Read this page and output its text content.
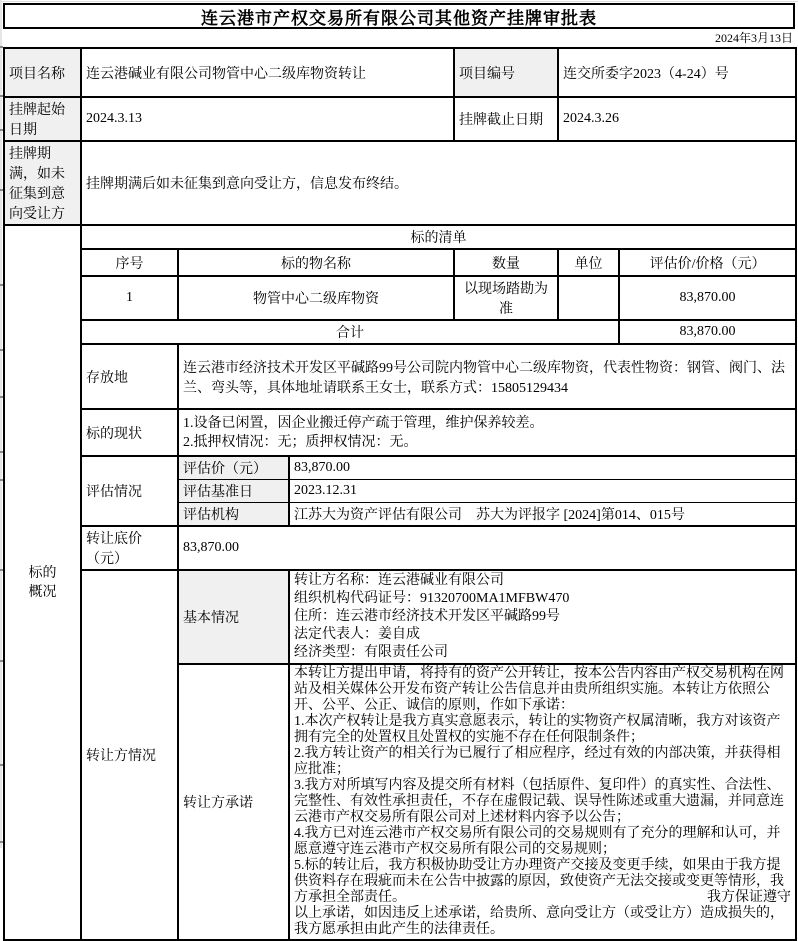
连云港市产权交易所有限公司其他资产挂牌审批表
2024年3月13日
项目名称	连云港碱业有限公司物管中心二级库物资转让			项目编号	连交所委字2023（4-24）号	
挂牌起始日期	2024.3.13			挂牌截止日期	2024.3.26	
挂牌期满，如未征集到意向受让方	挂牌期满后如未征集到意向受让方，信息发布终结。					

标的概况	标的清单					
	序号	标的物名称		数量	单位	评估价/价格（元）
	1	物管中心二级库物资		以现场踏勘为准		83,870.00
	合计					83,870.00
	存放地	连云港市经济技术开发区平碱路99号公司院内物管中心二级库物资，代表性物资：钢管、阀门、法兰、弯头等，具体地址请联系王女士，联系方式：15805129434				
	标的现状	1.设备已闲置，因企业搬迁停产疏于管理，维护保养较差。
2.抵押权情况：无；质押权情况：无。				

	评估情况	评估价（元）	83,870.00			
		评估基准日	2023.12.31			
		评估机构	江苏大为资产评估有限公司　苏大为评报字 [2024]第014、015号			
	转让底价（元）	83,870.00				
	转让方情况	基本情况	转让方名称：连云港碱业有限公司
组织机构代码证号：91320700MA1MFBW470
住所：连云港市经济技术开发区平碱路99号
法定代表人：姜自成
经济类型：有限责任公司			

转让方承诺	
本转让方提出申请，将持有的资产公开转让，按本公告内容由产权交易机构在网站及相关媒体公开发布资产转让公告信息并由贵所组织实施。本转让方依照公开、公平、公正、诚信的原则，作如下承诺：
1.本次产权转让是我方真实意愿表示，转让的实物资产权属清晰，我方对该资产拥有完全的处置权且处置权的实施不存在任何限制条件；
2.我方转让资产的相关行为已履行了相应程序，经过有效的内部决策，并获得相应批准；
3.我方对所填写内容及提交所有材料（包括原件、复印件）的真实性、合法性、完整性、有效性承担责任，不存在虚假记载、误导性陈述或重大遗漏，并同意连云港市产权交易所有限公司对上述材料内容予以公告；
4.我方已对连云港市产权交易所有限公司的交易规则有了充分的理解和认可，并愿意遵守连云港市产权交易所有限公司的交易规则；
5.标的转让后，我方积极协助受让方办理资产交接及变更手续，如果由于我方提供资料存在瑕疵而未在公告中披露的原因，致使资产无法交接或变更等情形，我方承担全部责任。	我方保证遵守
以上承诺，如因违反上述承诺，给贵所、意向受让方（或受让方）造成损失的，我方愿承担由此产生的法律责任。
